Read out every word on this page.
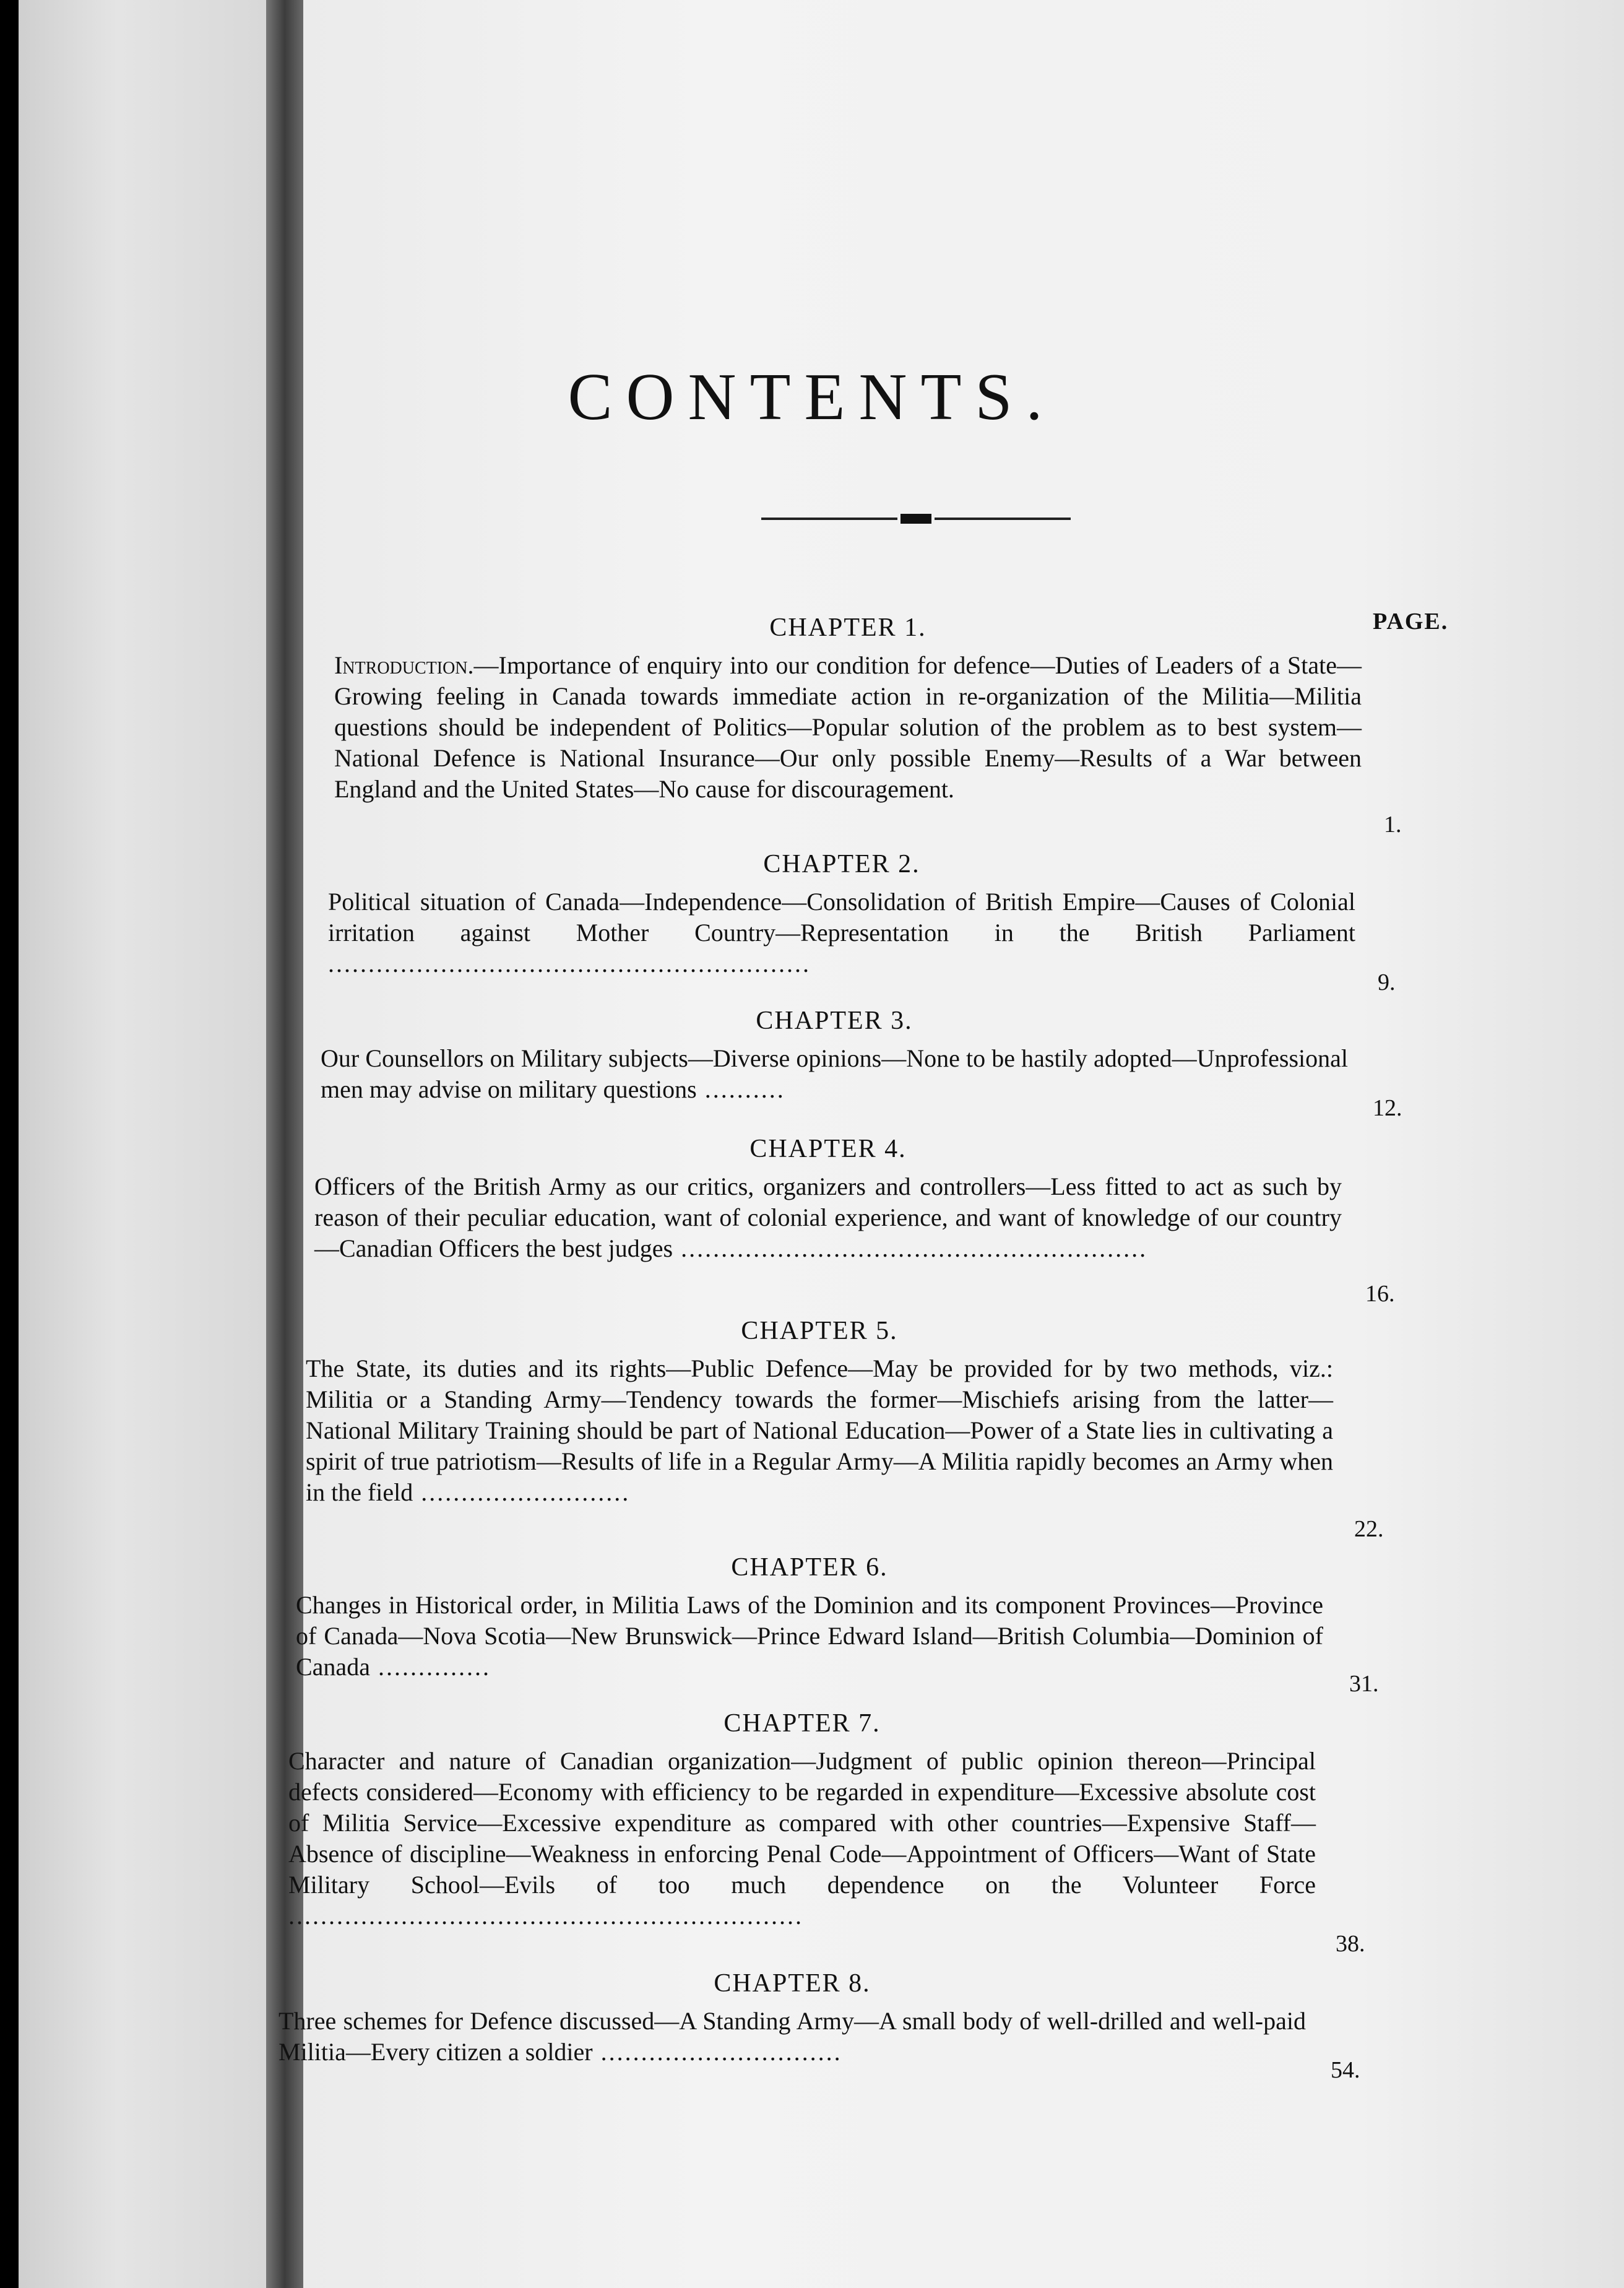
CONTENTS.

PAGE.

CHAPTER 1.

Introduction.—Importance of enquiry into our condition for defence—Duties of Leaders of a State—Growing feeling in Canada towards immediate action in re-organization of the Militia—Militia questions should be independent of Politics—Popular solution of the problem as to best system—National Defence is National Insurance—Our only possible Enemy—Results of a War between England and the United States—No cause for discouragement.

1.
CHAPTER 2.

Political situation of Canada—Independence—Consolidation of British Empire—Causes of Colonial irritation against Mother Country—Representation in the British Parliament ............................................................

9.
CHAPTER 3.

Our Counsellors on Military subjects—Diverse opinions—None to be hastily adopted—Unprofessional men may advise on military questions ..........

12.
CHAPTER 4.

Officers of the British Army as our critics, organizers and controllers—Less fitted to act as such by reason of their peculiar education, want of colonial experience, and want of knowledge of our country—Canadian Officers the best judges ..........................................................

16.
CHAPTER 5.

The State, its duties and its rights—Public Defence—May be provided for by two methods, viz.: Militia or a Standing Army—Tendency towards the former—Mischiefs arising from the latter—National Military Training should be part of National Education—Power of a State lies in cultivating a spirit of true patriotism—Results of life in a Regular Army—A Militia rapidly becomes an Army when in the field ..........................

22.
CHAPTER 6.

Changes in Historical order, in Militia Laws of the Dominion and its component Provinces—Province of Canada—Nova Scotia—New Brunswick—Prince Edward Island—British Columbia—Dominion of Canada ..............

31.
CHAPTER 7.

Character and nature of Canadian organization—Judgment of public opinion thereon—Principal defects considered—Economy with efficiency to be regarded in expenditure—Excessive absolute cost of Militia Service—Excessive expenditure as compared with other countries—Expensive Staff—Absence of discipline—Weakness in enforcing Penal Code—Appointment of Officers—Want of State Military School—Evils of too much dependence on the Volunteer Force ................................................................

38.
CHAPTER 8.

Three schemes for Defence discussed—A Standing Army—A small body of well-drilled and well-paid Militia—Every citizen a soldier ..............................

54.
